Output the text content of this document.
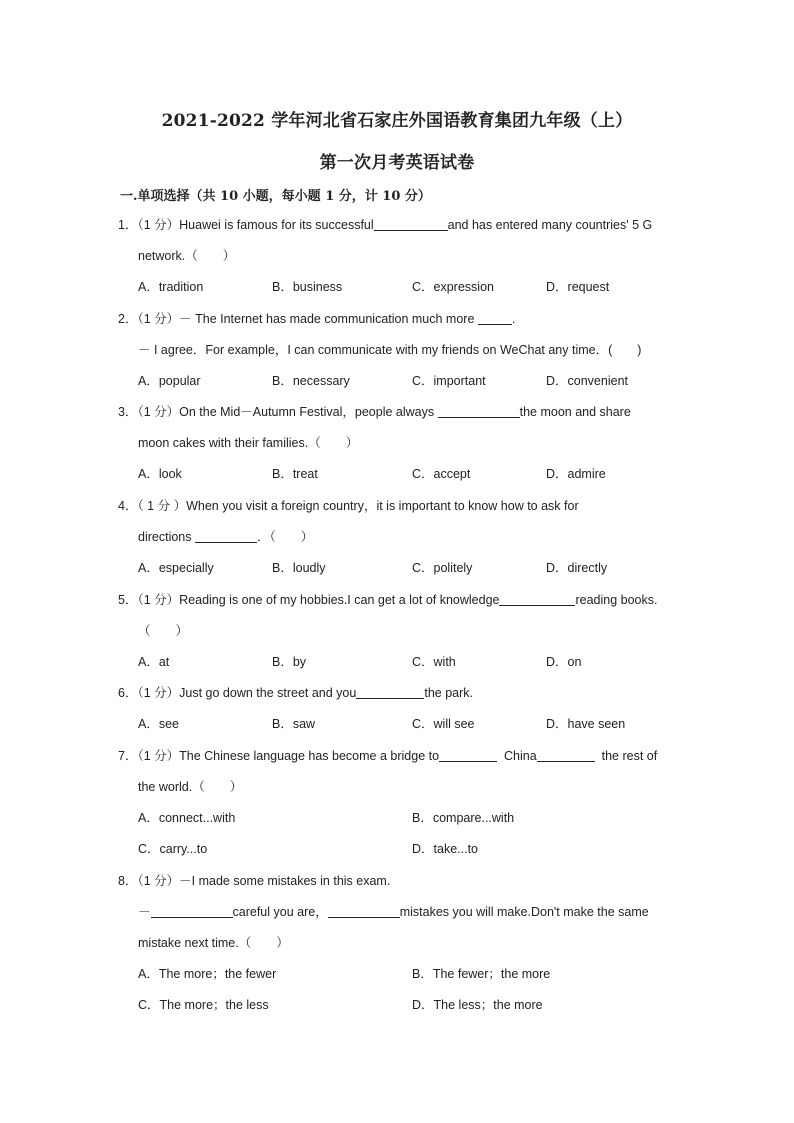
2021-2022 学年河北省石家庄外国语教育集团九年级（上）
第一次月考英语试卷
一.单项选择（共 10 小题，每小题 1 分，计 10 分）
1．（1 分）Huawei is famous for its successful	and has entered many countries' 5 G
network.（　　）
A．tradition	B．business	C．expression	D．request
2．（1 分）－ The Internet has made communication much more	.
－ I agree．For example，I can communicate with my friends on WeChat any time．(　　)
A．popular	B．necessary	C．important	D．convenient
3．（1 分）On the Mid－Autumn Festival，people always	the moon and share
moon cakes with their families.（　　）
A．look	B．treat	C．accept	D．admire
4．（ 1 分 ）When you visit a foreign country，it is important to know how to ask for
directions	．（　　）
A．especially	B．loudly	C．politely	D．directly
5．（1 分）Reading is one of my hobbies.I can get a lot of knowledge	reading books.
（　　）
A．at	B．by	C．with	D．on
6．（1 分）Just go down the street and you	the park.
A．see	B．saw	C．will see	D．have seen
7．（1 分）The Chinese language has become a bridge to	China	the rest of
the world.（　　）
A．connect...with	B．compare...with
C．carry...to	D．take...to
8．（1 分）－I made some mistakes in this exam.
－	careful you are，	mistakes you will make.Don't make the same
mistake next time.（　　）
A．The more；the fewer	B．The fewer；the more
C．The more；the less	D．The less；the more
